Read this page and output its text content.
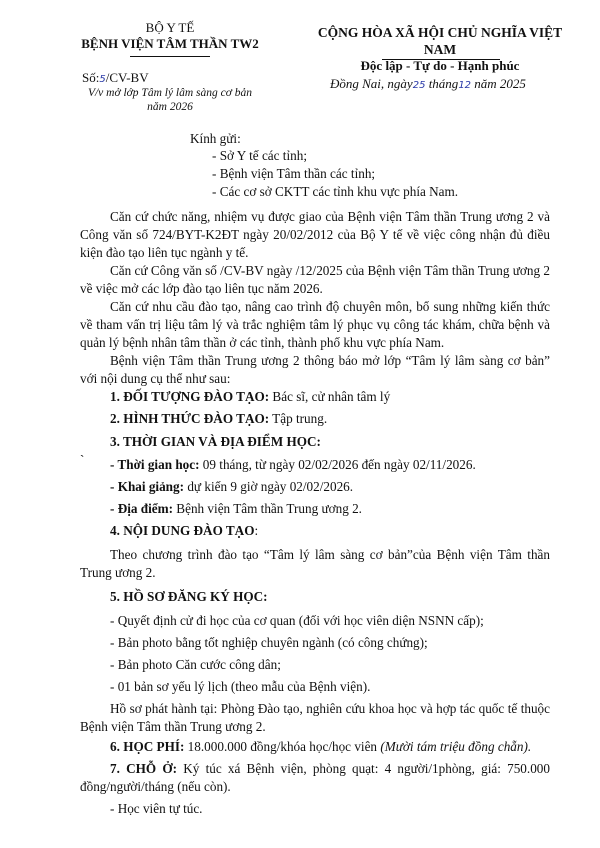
BỘ Y TẾ
BỆNH VIỆN TÂM THẦN TW2
Số:5/CV-BV
V/v mở lớp Tâm lý lâm sàng cơ bản
năm 2026
CỘNG HÒA XÃ HỘI CHỦ NGHĨA VIỆT NAM
Độc lập - Tự do - Hạnh phúc
Đồng Nai, ngày25 tháng12 năm 2025
Kính gửi:
- Sở Y tế các tỉnh;
- Bệnh viện Tâm thần các tỉnh;
- Các cơ sở CKTT các tỉnh khu vực phía Nam.
Căn cứ chức năng, nhiệm vụ được giao của Bệnh viện Tâm thần Trung ương 2 và Công văn số 724/BYT-K2ĐT ngày 20/02/2012 của Bộ Y tế về việc công nhận đủ điều kiện đào tạo liên tục ngành y tế.
Căn cứ Công văn số /CV-BV ngày /12/2025 của Bệnh viện Tâm thần Trung ương 2 về việc mở các lớp đào tạo liên tục năm 2026.
Căn cứ nhu cầu đào tạo, nâng cao trình độ chuyên môn, bổ sung những kiến thức về tham vấn trị liệu tâm lý và trắc nghiệm tâm lý phục vụ công tác khám, chữa bệnh và quản lý bệnh nhân tâm thần ở các tỉnh, thành phố khu vực phía Nam.
Bệnh viện Tâm thần Trung ương 2 thông báo mở lớp “Tâm lý lâm sàng cơ bản” với nội dung cụ thể như sau:
1. ĐỐI TƯỢNG ĐÀO TẠO: Bác sĩ, cử nhân tâm lý
2. HÌNH THỨC ĐÀO TẠO: Tập trung.
3. THỜI GIAN VÀ ĐỊA ĐIỂM HỌC:
` - Thời gian học: 09 tháng, từ ngày 02/02/2026 đến ngày 02/11/2026.
- Khai giảng: dự kiến 9 giờ ngày 02/02/2026.
- Địa điểm: Bệnh viện Tâm thần Trung ương 2.
4. NỘI DUNG ĐÀO TẠO:
Theo chương trình đào tạo “Tâm lý lâm sàng cơ bản”của Bệnh viện Tâm thần Trung ương 2.
5. HỒ SƠ ĐĂNG KÝ HỌC:
- Quyết định cử đi học của cơ quan (đối với học viên diện NSNN cấp);
- Bản photo bằng tốt nghiệp chuyên ngành (có công chứng);
- Bản photo Căn cước công dân;
- 01 bản sơ yếu lý lịch (theo mẫu của Bệnh viện).
Hồ sơ phát hành tại: Phòng Đào tạo, nghiên cứu khoa học và hợp tác quốc tế thuộc Bệnh viện Tâm thần Trung ương 2.
6. HỌC PHÍ: 18.000.000 đồng/khóa học/học viên (Mười tám triệu đồng chẵn).
7. CHỖ Ở: Ký túc xá Bệnh viện, phòng quạt: 4 người/1phòng, giá: 750.000 đồng/người/tháng (nếu còn).
- Học viên tự túc.
